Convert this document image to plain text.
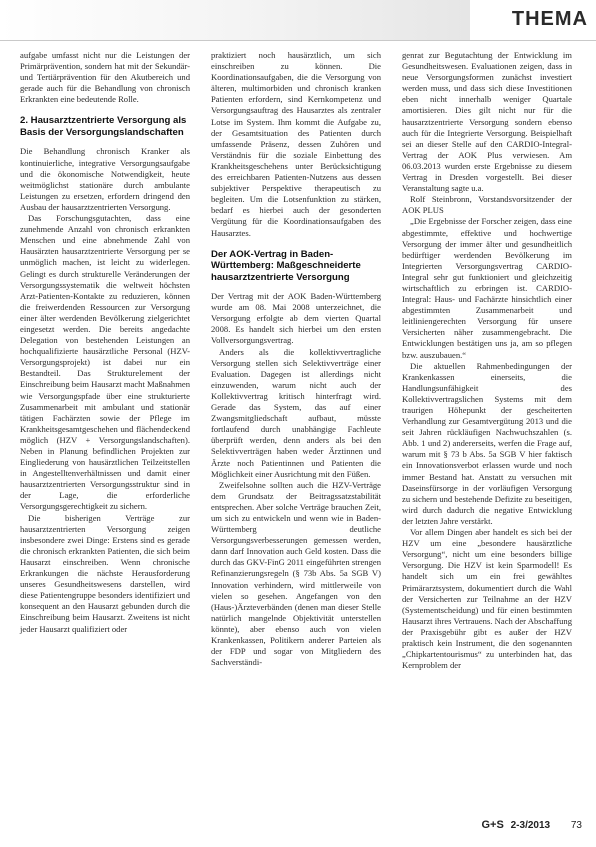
THEMA

aufgabe umfasst nicht nur die Leistungen der Primärprävention, sondern hat mit der Sekundär- und Tertiärprävention für den Akutbereich und gerade auch für die Behandlung von chronisch Erkrankten eine bedeutende Rolle.

2. Hausarztzentrierte Versorgung als Basis der Versorgungslandschaften

Die Behandlung chronisch Kranker als kontinuierliche, integrative Versorgungsaufgabe und die ökonomische Notwendigkeit, heute weitmöglichst stationäre durch ambulante Leistungen zu ersetzen, erfordern dringend den Ausbau der hausarztzentrierten Versorgung.

Das Forschungsgutachten, dass eine zunehmende Anzahl von chronisch erkrankten Menschen und eine abnehmende Zahl von Hausärzten hausarztzentrierte Versorgung per se unmöglich machen, ist leicht zu widerlegen. Gelingt es durch strukturelle Veränderungen der Versorgungssystematik die weltweit höchsten Arzt-Patienten-Kontakte zu reduzieren, können die freiwerdenden Ressourcen zur Versorgung einer älter werdenden Bevölkerung zielgerichtet eingesetzt werden. Die bereits angedachte Delegation von bestehenden Leistungen an hochqualifizierte hausärztliche Personal (HZV-Versorgungsprojekt) ist dabei nur ein Bestandteil. Das Strukturelement der Einschreibung beim Hausarzt macht Maßnahmen wie Versorgungspfade über eine strukturierte Zusammenarbeit mit ambulant und stationär tätigen Fachärzten sowie der Pflege im Krankheitsgesamtgeschehen und flächendeckend möglich (HZV + Versorgungslandschaften). Neben in Planung befindlichen Projekten zur Eingliederung von hausärztlichen Teilzeitstellen in Angestelltenverhältnissen und damit einer hausarztzentrierten Versorgungsstruktur sind in der Lage, die erforderliche Versorgungsgerechtigkeit zu sichern.

Die bisherigen Verträge zur hausarztzentrierten Versorgung zeigen insbesondere zwei Dinge: Erstens sind es gerade die chronisch erkrankten Patienten, die sich beim Hausarzt einschreiben. Wenn chronische Erkrankungen die nächste Herausforderung unseres Gesundheitswesens darstellen, wird diese Patientengruppe besonders identifiziert und konsequent an den Hausarzt gebunden durch die Einschreibung beim Hausarzt. Zweitens ist nicht jeder Hausarzt qualifiziert oder

praktiziert noch hausärztlich, um sich einschreiben zu können. Die Koordinationsaufgaben, die die Versorgung von älteren, multimorbiden und chronisch kranken Patienten erfordern, sind Kernkompetenz und Versorgungsauftrag des Hausarztes als zentraler Lotse im System. Ihm kommt die Aufgabe zu, der Gesamtsituation des Patienten durch umfassende Präsenz, dessen Zuhören und Verständnis für die soziale Einbettung des Krankheitsgeschehens unter Berücksichtigung des erreichbaren Patienten-Nutzens aus dessen subjektiver Perspektive therapeutisch zu begleiten. Um die Lotsenfunktion zu stärken, bedarf es hierbei auch der gesonderten Vergütung für die Koordinationsaufgaben des Hausarztes.

Der AOK-Vertrag in Baden-Württemberg: Maßgeschneiderte hausarztzentrierte Versorgung

Der Vertrag mit der AOK Baden-Württemberg wurde am 08. Mai 2008 unterzeichnet, die Versorgung erfolgte ab dem vierten Quartal 2008. Es handelt sich hierbei um den ersten Vollversorgungsvertrag.

Anders als die kollektivvertragliche Versorgung stellen sich Selektivverträge einer Evaluation. Dagegen ist allerdings nicht einzuwenden, warum nicht auch der Kollektivvertrag kritisch hinterfragt wird. Gerade das System, das auf einer Zwangsmitgliedschaft aufbaut, müsste fortlaufend durch unabhängige Fachleute überprüft werden, denn anders als bei den Selektivverträgen haben weder Ärztinnen und Ärzte noch Patientinnen und Patienten die Möglichkeit einer Ausrichtung mit den Füßen.

Zweifelsohne sollten auch die HZV-Verträge dem Grundsatz der Beitragssatzstabilität entsprechen. Aber solche Verträge brauchen Zeit, um sich zu entwickeln und wenn wie in Baden-Württemberg deutliche Versorgungsverbesserungen gemessen werden, dann darf Innovation auch Geld kosten. Dass die durch das GKV-FinG 2011 eingeführten strengen Refinanzierungsregeln (§ 73b Abs. 5a SGB V) Innovation verhindern, wird mittlerweile von vielen so gesehen. Angefangen von den (Haus-)Ärzteverbänden (denen man dieser Stelle natürlich mangelnde Objektivität unterstellen könnte), aber ebenso auch von vielen Krankenkassen, Politikern anderer Parteien als der FDP und sogar von Mitgliedern des Sachverständi-

genrat zur Begutachtung der Entwicklung im Gesundheitswesen. Evaluationen zeigen, dass in neue Versorgungsformen zunächst investiert werden muss, und dass sich diese Investitionen eben nicht innerhalb weniger Quartale amortisieren. Dies gilt nicht nur für die hausarztzentrierte Versorgung sondern ebenso auch für die Integrierte Versorgung. Beispielhaft sei an dieser Stelle auf den CARDIO-Integral-Vertrag der AOK Plus verwiesen. Am 06.03.2013 wurden erste Ergebnisse zu diesem Vertrag in Dresden vorgestellt. Bei dieser Veranstaltung sagte u.a.

Rolf Steinbronn, Vorstandsvorsitzender der AOK PLUS

„Die Ergebnisse der Forscher zeigen, dass eine abgestimmte, effektive und hochwertige Versorgung der immer älter und gesundheitlich bedürftiger werdenden Bevölkerung im Integrierten Versorgungsvertrag CARDIO-Integral sehr gut funktioniert und gleichzeitig wirtschaftlich zu erbringen ist. CARDIO-Integral: Haus- und Fachärzte hinsichtlich einer abgestimmten Zusammenarbeit und leitliniengerechten Versorgung für unsere Versicherten näher zusammengebracht. Die Entwicklungen bestätigen uns ja, am so pflegen bzw. auszubauen.“

Die aktuellen Rahmenbedingungen der Krankenkassen einerseits, die Handlungsunfähigkeit des Kollektivvertragslichen Systems mit dem traurigen Höhepunkt der gescheiterten Verhandlung zur Gesamtvergütung 2013 und die seit Jahren rückläufigen Nachwuchszahlen (s. Abb. 1 und 2) andererseits, werfen die Frage auf, warum mit § 73 b Abs. 5a SGB V hier faktisch ein Innovationsverbot erlassen wurde und noch immer Bestand hat. Anstatt zu versuchen mit Daseinsfürsorge in der vorläufigen Versorgung zu sichern und bestehende Defizite zu beseitigen, wird durch dadurch die negative Entwicklung der letzten Jahre verstärkt.

Vor allem Dingen aber handelt es sich bei der HZV um eine „besondere hausärztliche Versorgung“, nicht um eine besonders billige Versorgung. Die HZV ist kein Sparmodell! Es handelt sich um ein frei gewähltes Primärarztsystem, dokumentiert durch die Wahl der Versicherten zur Teilnahme an der HZV (Systementscheidung) und für einen bestimmten Hausarzt ihres Vertrauens. Nach der Abschaffung der Praxisgebühr gibt es außer der HZV praktisch kein Instrument, die den sogenannten „Chipkartentourismus“ zu unterbinden hat, das Kernproblem der

G+S 2-3/2013 73
